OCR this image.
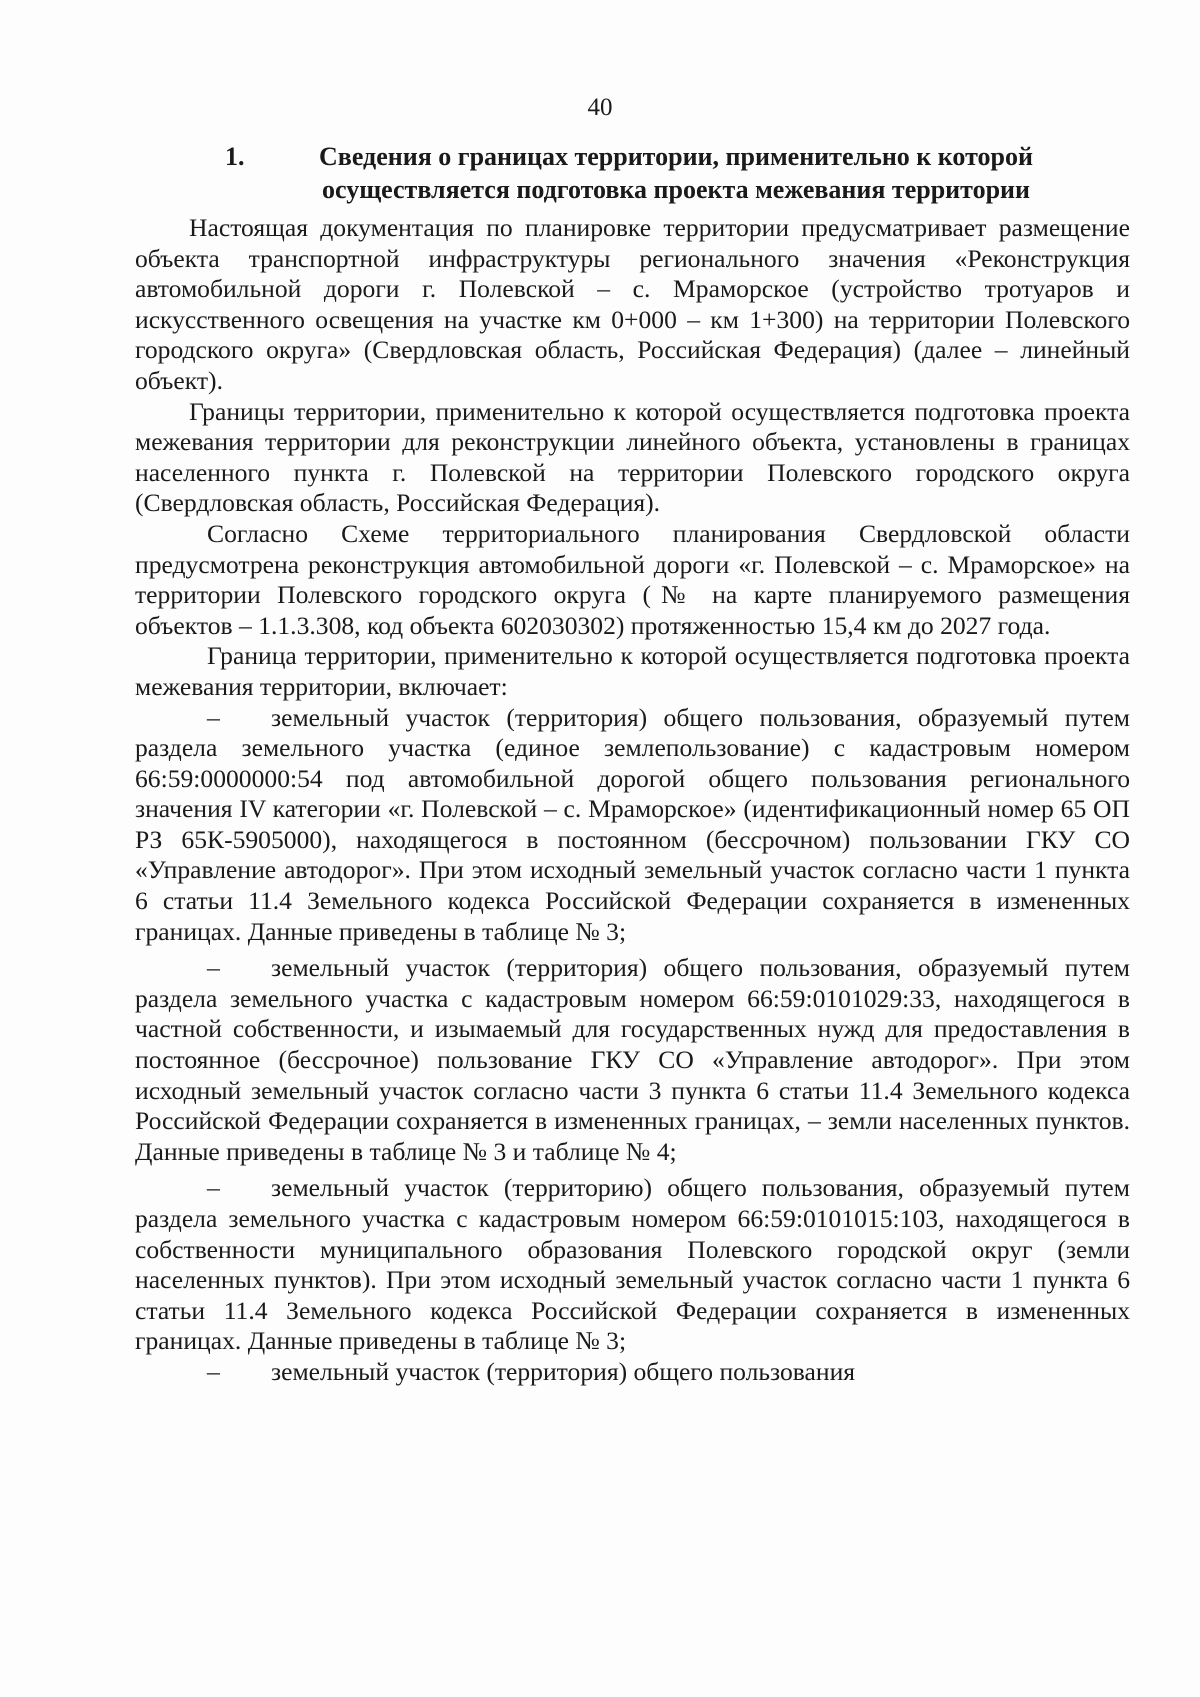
40
1.	Сведения о границах территории, применительно к которой осуществляется подготовка проекта межевания территории

Настоящая документация по планировке территории предусматривает размещение объекта транспортной инфраструктуры регионального значения «Реконструкция автомобильной дороги г. Полевской – с. Мраморское (устройство тротуаров и искусственного освещения на участке км 0+000 – км 1+300) на территории Полевского городского округа» (Свердловская область, Российская Федерация) (далее – линейный объект).

Границы территории, применительно к которой осуществляется подготовка проекта межевания территории для реконструкции линейного объекта, установлены в границах населенного пункта г. Полевской на территории Полевского городского округа (Свердловская область, Российская Федерация).

Согласно Схеме территориального планирования Свердловской области предусмотрена реконструкция автомобильной дороги «г. Полевской – с. Мраморское» на территории Полевского городского округа (№ на карте планируемого размещения объектов – 1.1.3.308, код объекта 602030302) протяженностью 15,4 км до 2027 года.

Граница территории, применительно к которой осуществляется подготовка проекта межевания территории, включает:

– земельный участок (территория) общего пользования, образуемый путем раздела земельного участка (единое землепользование) с кадастровым номером 66:59:0000000:54 под автомобильной дорогой общего пользования регионального значения IV категории «г. Полевской – с. Мраморское» (идентификационный номер 65 ОП РЗ 65К-5905000), находящегося в постоянном (бессрочном) пользовании ГКУ СО «Управление автодорог». При этом исходный земельный участок согласно части 1 пункта 6 статьи 11.4 Земельного кодекса Российской Федерации сохраняется в измененных границах. Данные приведены в таблице № 3;

– земельный участок (территория) общего пользования, образуемый путем раздела земельного участка с кадастровым номером 66:59:0101029:33, находящегося в частной собственности, и изымаемый для государственных нужд для предоставления в постоянное (бессрочное) пользование ГКУ СО «Управление автодорог». При этом исходный земельный участок согласно части 3 пункта 6 статьи 11.4 Земельного кодекса Российской Федерации сохраняется в измененных границах, – земли населенных пунктов. Данные приведены в таблице № 3 и таблице № 4;

– земельный участок (территорию) общего пользования, образуемый путем раздела земельного участка с кадастровым номером 66:59:0101015:103, находящегося в собственности муниципального образования Полевского городской округ (земли населенных пунктов). При этом исходный земельный участок согласно части 1 пункта 6 статьи 11.4 Земельного кодекса Российской Федерации сохраняется в измененных границах. Данные приведены в таблице № 3;

– земельный участок (территория) общего пользования
